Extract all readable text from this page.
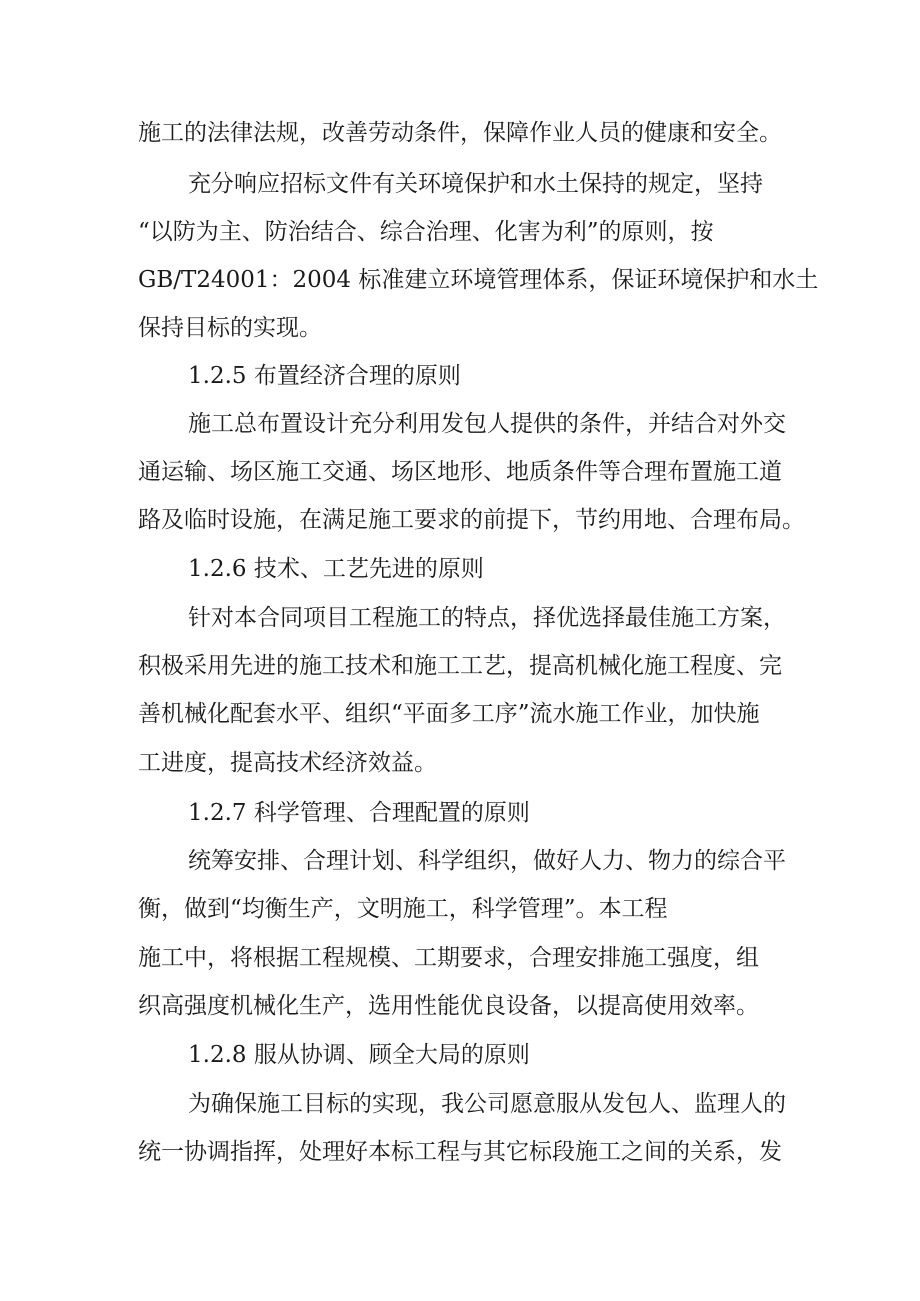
施工的法律法规，改善劳动条件，保障作业人员的健康和安全。
充分响应招标文件有关环境保护和水土保持的规定，坚持
“以防为主、防治结合、综合治理、化害为利”的原则，按
GB/T24001：2004 标准建立环境管理体系，保证环境保护和水土
保持目标的实现。
1.2.5 布置经济合理的原则
施工总布置设计充分利用发包人提供的条件，并结合对外交
通运输、场区施工交通、场区地形、地质条件等合理布置施工道
路及临时设施，在满足施工要求的前提下，节约用地、合理布局。
1.2.6 技术、工艺先进的原则
针对本合同项目工程施工的特点，择优选择最佳施工方案，
积极采用先进的施工技术和施工工艺，提高机械化施工程度、完
善机械化配套水平、组织“平面多工序”流水施工作业，加快施
工进度，提高技术经济效益。
1.2.7 科学管理、合理配置的原则
统筹安排、合理计划、科学组织，做好人力、物力的综合平
衡，做到“均衡生产，文明施工，科学管理”。本工程
施工中，将根据工程规模、工期要求，合理安排施工强度，组
织高强度机械化生产，选用性能优良设备，以提高使用效率。
1.2.8 服从协调、顾全大局的原则
为确保施工目标的实现，我公司愿意服从发包人、监理人的
统一协调指挥，处理好本标工程与其它标段施工之间的关系，发
